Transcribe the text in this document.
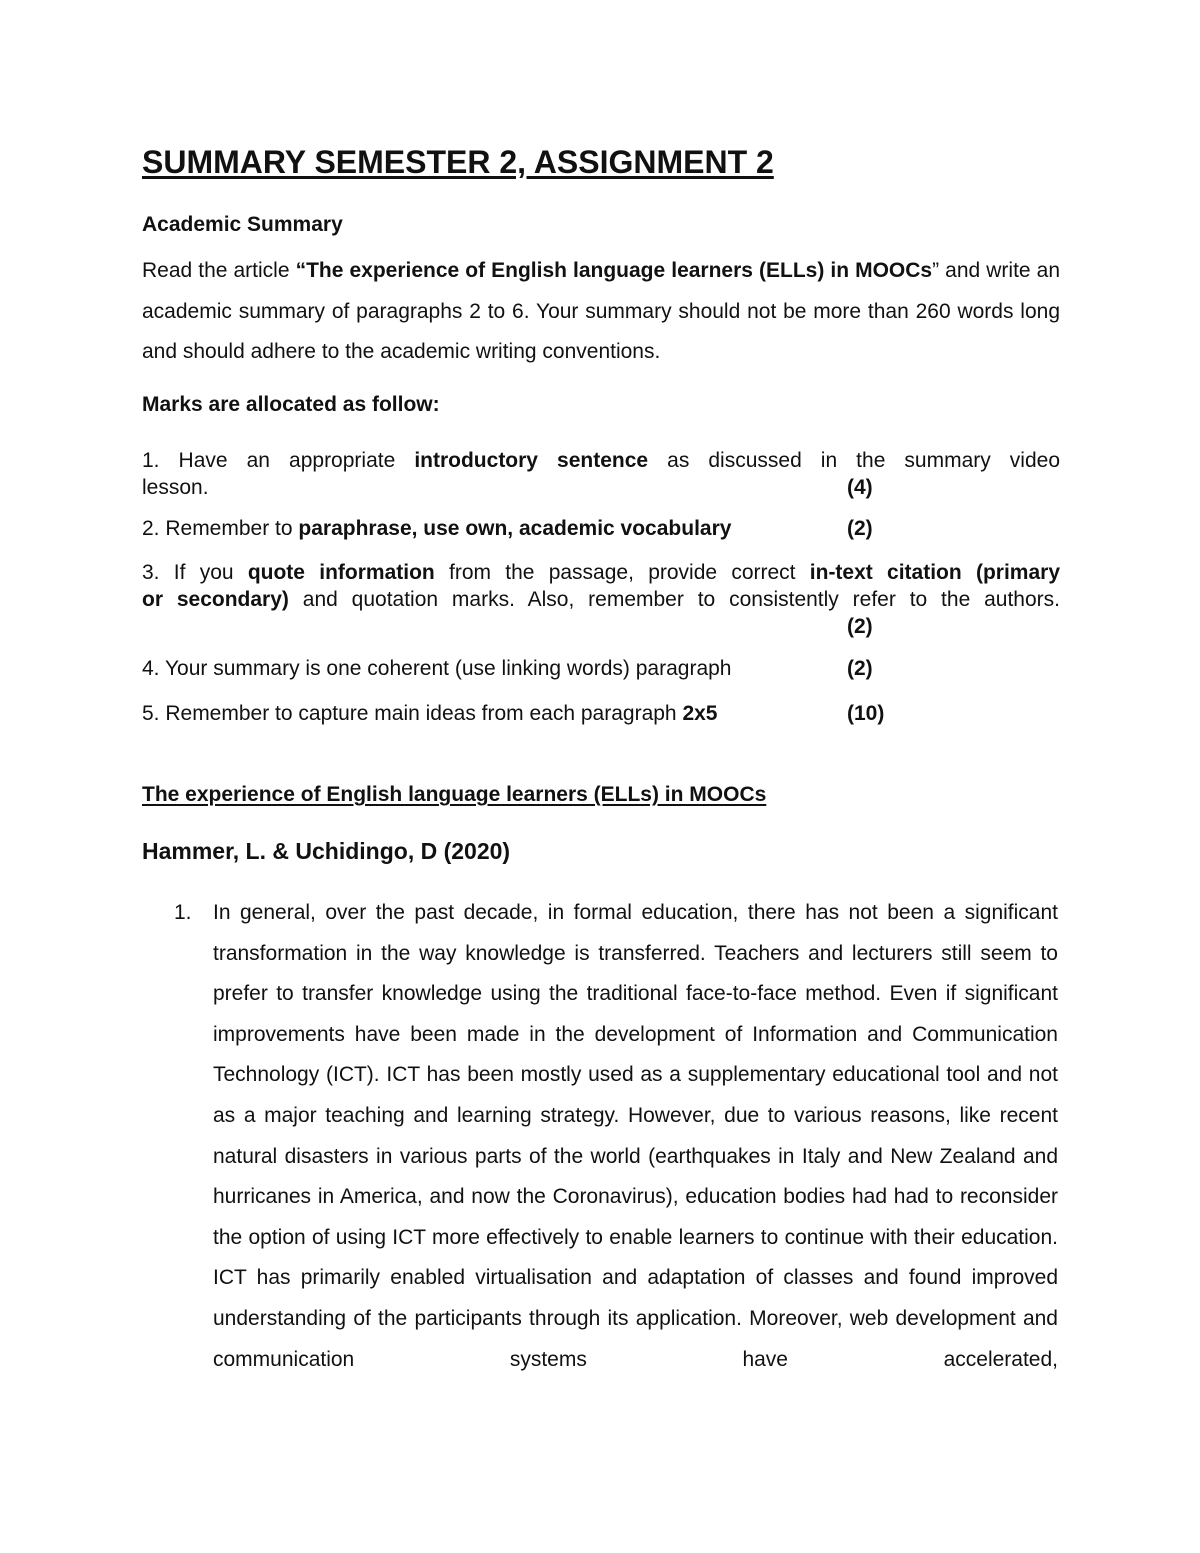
SUMMARY SEMESTER 2, ASSIGNMENT 2
Academic Summary

Read the article “The experience of English language learners (ELLs) in MOOCs” and write an academic summary of paragraphs 2 to 6. Your summary should not be more than 260 words long and should adhere to the academic writing conventions.

Marks are allocated as follow:
1. Have an appropriate introductory sentence as discussed in the summary video
lesson.	(4)
2. Remember to paraphrase, use own, academic vocabulary	(2)
3. If you quote information from the passage, provide correct in-text citation (primary
or secondary) and quotation marks. Also, remember to consistently refer to the authors.
(2)
4. Your summary is one coherent (use linking words) paragraph	(2)
5. Remember to capture main ideas from each paragraph 2x5	(10)
The experience of English language learners (ELLs) in MOOCs
Hammer, L. & Uchidingo, D (2020)
1. In general, over the past decade, in formal education, there has not been a significant transformation in the way knowledge is transferred. Teachers and lecturers still seem to prefer to transfer knowledge using the traditional face-to-face method. Even if significant improvements have been made in the development of Information and Communication Technology (ICT). ICT has been mostly used as a supplementary educational tool and not as a major teaching and learning strategy. However, due to various reasons, like recent natural disasters in various parts of the world (earthquakes in Italy and New Zealand and hurricanes in America, and now the Coronavirus), education bodies had had to reconsider the option of using ICT more effectively to enable learners to continue with their education. ICT has primarily enabled virtualisation and adaptation of classes and found improved understanding of the participants through its application. Moreover, web development and communication systems have accelerated,
